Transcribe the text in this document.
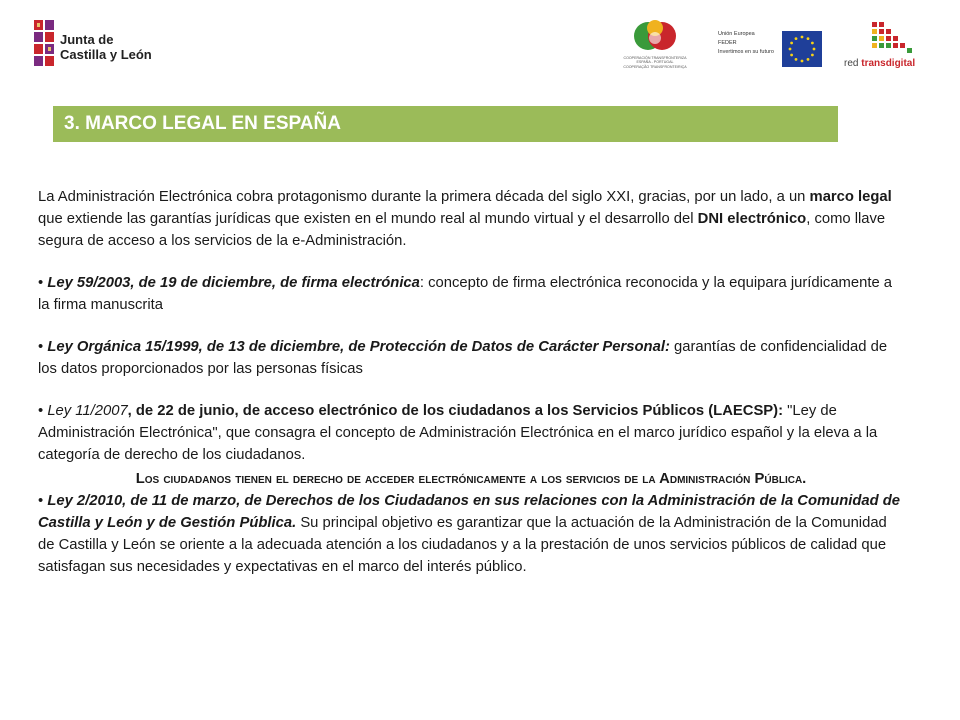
Junta de
Castilla y León	COOPERACIÓN TRANSFRONTERIZA
ESPAÑA - PORTUGAL
COOPERAÇÃO TRANSFRONTEIRIÇA
Unión Europea
FEDER
Invertimos en su futuro
red transdigital
3. MARCO LEGAL EN ESPAÑA

La Administración Electrónica cobra protagonismo durante la primera década del siglo XXI, gracias, por un lado, a un marco legal que extiende las garantías jurídicas que existen en el mundo real al mundo virtual y el desarrollo del DNI electrónico, como llave segura de acceso a los servicios de la e-Administración.

• Ley 59/2003, de 19 de diciembre, de firma electrónica: concepto de firma electrónica reconocida y la equipara jurídicamente a la firma manuscrita

• Ley Orgánica 15/1999, de 13 de diciembre, de Protección de Datos de Carácter Personal: garantías de confidencialidad de los datos proporcionados por las personas físicas

• Ley 11/2007, de 22 de junio, de acceso electrónico de los ciudadanos a los Servicios Públicos (LAECSP): "Ley de Administración Electrónica", que consagra el concepto de Administración Electrónica en el marco jurídico español y la eleva a la categoría de derecho de los ciudadanos.

Los ciudadanos tienen el derecho de acceder electrónicamente a los servicios de la Administración Pública.

• Ley 2/2010, de 11 de marzo, de Derechos de los Ciudadanos en sus relaciones con la Administración de la Comunidad de Castilla y León y de Gestión Pública. Su principal objetivo es garantizar que la actuación de la Administración de la Comunidad de Castilla y León se oriente a la adecuada atención a los ciudadanos y a la prestación de unos servicios públicos de calidad que satisfagan sus necesidades y expectativas en el marco del interés público.
